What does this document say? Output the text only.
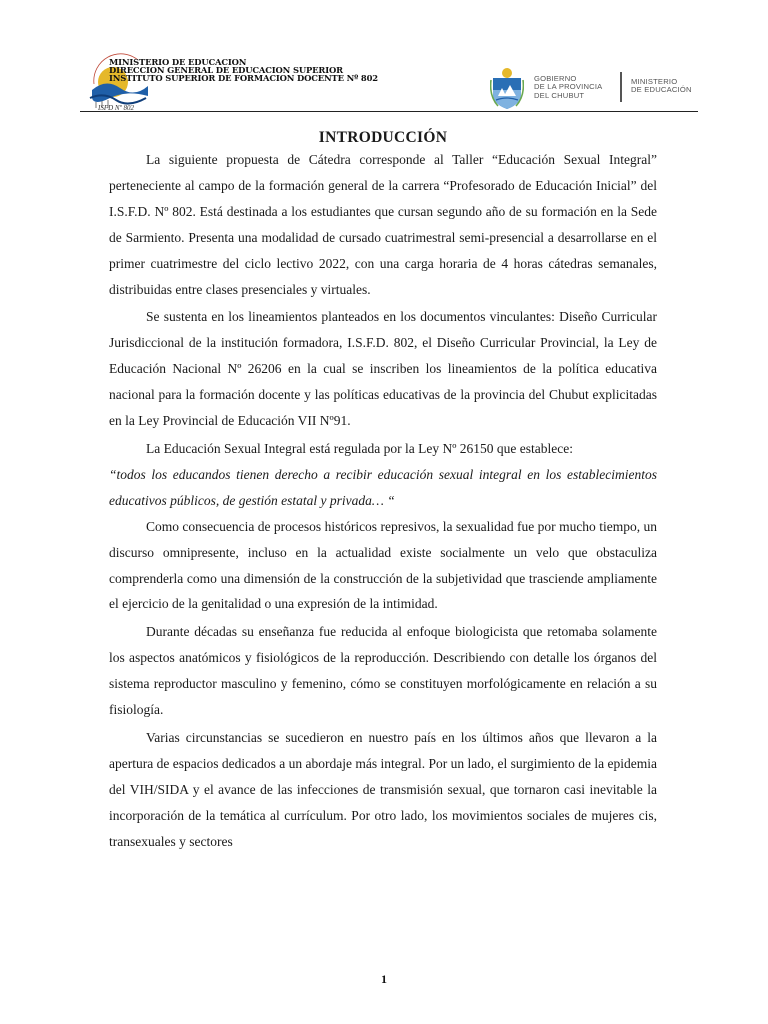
ISFD Nº 802
MINISTERIO DE EDUCACION
DIRECCION GENERAL DE EDUCACION SUPERIOR
INSTITUTO SUPERIOR DE FORMACION DOCENTE Nº 802	GOBIERNO
DE LA PROVINCIA
DEL CHUBUT
MINISTERIO
DE EDUCACIÓN
INTRODUCCIÓN

La siguiente propuesta de Cátedra corresponde al Taller “Educación Sexual Integral” perteneciente al campo de la formación general de la carrera “Profesorado de Educación Inicial” del I.S.F.D. Nº 802. Está destinada a los estudiantes que cursan segundo año de su formación en la Sede de Sarmiento. Presenta una modalidad de cursado cuatrimestral semi-presencial a desarrollarse en el primer cuatrimestre del ciclo lectivo 2022, con una carga horaria de 4 horas cátedras semanales, distribuidas entre clases presenciales y virtuales.

Se sustenta en los lineamientos planteados en los documentos vinculantes: Diseño Curricular Jurisdiccional de la institución formadora, I.S.F.D. 802, el Diseño Curricular Provincial, la Ley de Educación Nacional Nº 26206 en la cual se inscriben los lineamientos de la política educativa nacional para la formación docente y las políticas educativas de la provincia del Chubut explicitadas en la Ley Provincial de Educación VII Nº91.

La Educación Sexual Integral está regulada por la Ley Nº 26150 que establece:

“todos los educandos tienen derecho a recibir educación sexual integral en los establecimientos educativos públicos, de gestión estatal y privada… “

Como consecuencia de procesos históricos represivos, la sexualidad fue por mucho tiempo, un discurso omnipresente, incluso en la actualidad existe socialmente un velo que obstaculiza comprenderla como una dimensión de la construcción de la subjetividad que trasciende ampliamente el ejercicio de la genitalidad o una expresión de la intimidad.

Durante décadas su enseñanza fue reducida al enfoque biologicista que retomaba solamente los aspectos anatómicos y fisiológicos de la reproducción. Describiendo con detalle los órganos del sistema reproductor masculino y femenino, cómo se constituyen morfológicamente en relación a su fisiología.

Varias circunstancias se sucedieron en nuestro país en los últimos años que llevaron a la apertura de espacios dedicados a un abordaje más integral. Por un lado, el surgimiento de la epidemia del VIH/SIDA y el avance de las infecciones de transmisión sexual, que tornaron casi inevitable la incorporación de la temática al currículum. Por otro lado, los movimientos sociales de mujeres cis, transexuales y sectores

1
